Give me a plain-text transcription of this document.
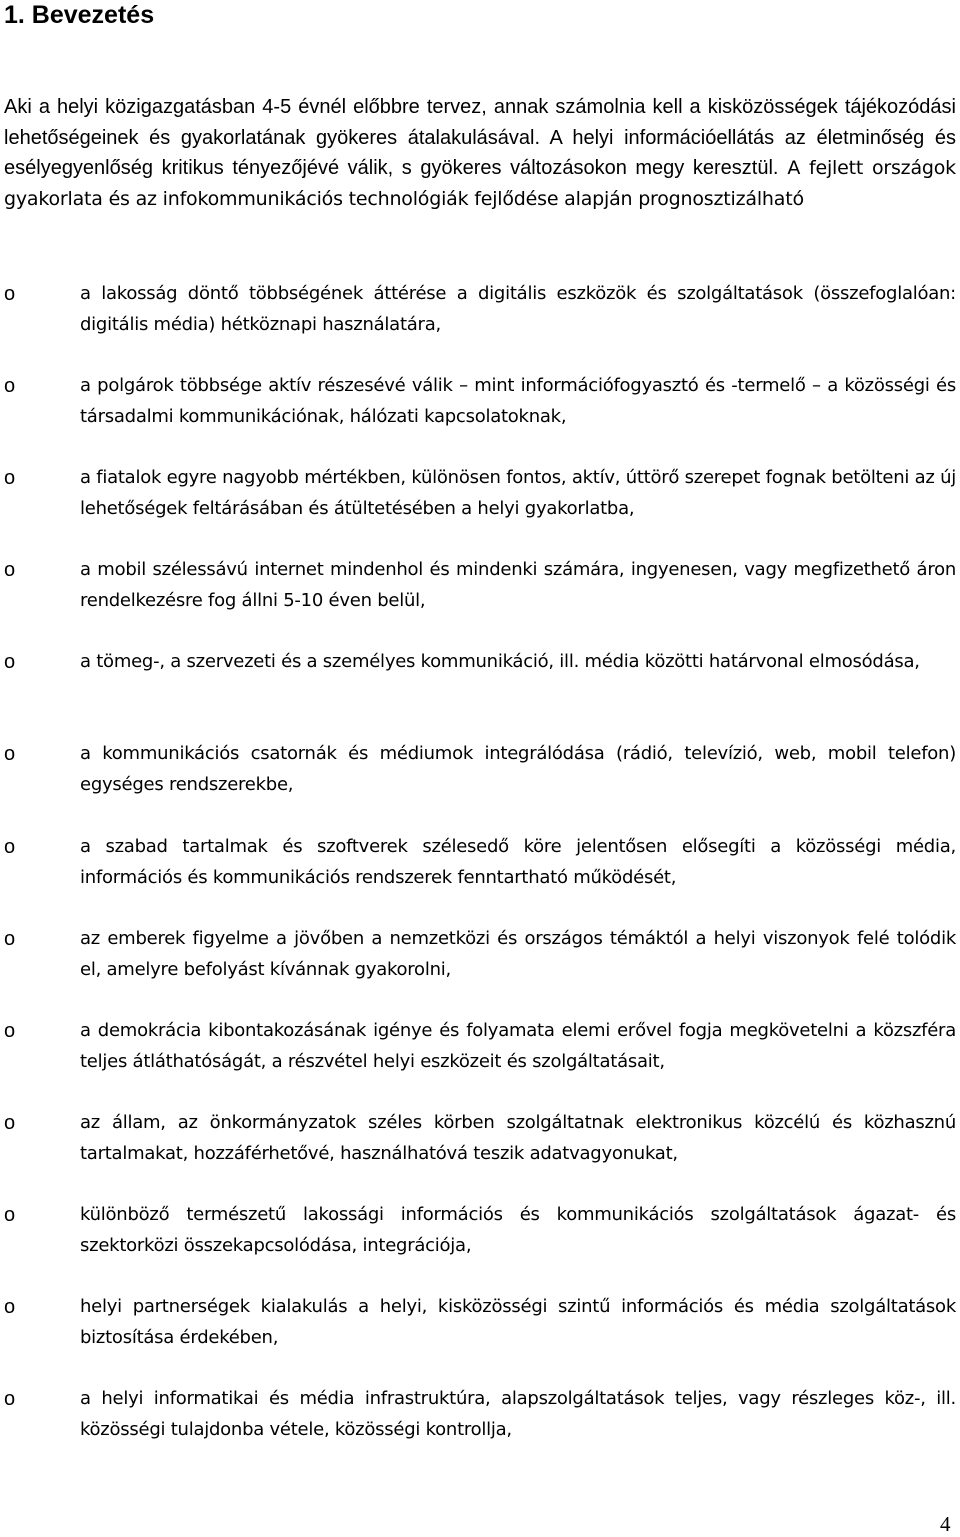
1. Bevezetés

Aki a helyi közigazgatásban 4-5 évnél előbbre tervez, annak számolnia kell a kisközösségek tájékozódási lehetőségeinek és gyakorlatának gyökeres átalakulásával. A helyi információellátás az életminőség és esélyegyenlőség kritikus tényezőjévé válik, s gyökeres változásokon megy keresztül. A fejlett országok gyakorlata és az infokommunikációs technológiák fejlődése alapján prognosztizálható

o	a lakosság döntő többségének áttérése a digitális eszközök és szolgáltatások (összefoglalóan: digitális média) hétköznapi használatára,
o	a polgárok többsége aktív részesévé válik – mint információfogyasztó és -termelő – a közösségi és társadalmi kommunikációnak, hálózati kapcsolatoknak,
o	a fiatalok egyre nagyobb mértékben, különösen fontos, aktív, úttörő szerepet fognak betölteni az új lehetőségek feltárásában és átültetésében a helyi gyakorlatba,
o	a mobil szélessávú internet mindenhol és mindenki számára, ingyenesen, vagy megfizethető áron rendelkezésre fog állni 5-10 éven belül,
o	a tömeg-, a szervezeti és a személyes kommunikáció, ill. média közötti határvonal elmosódása,
o	a kommunikációs csatornák és médiumok integrálódása (rádió, televízió, web, mobil telefon) egységes rendszerekbe,
o	a szabad tartalmak és szoftverek szélesedő köre jelentősen elősegíti a közösségi média, információs és kommunikációs rendszerek fenntartható működését,
o	az emberek figyelme a jövőben a nemzetközi és országos témáktól a helyi viszonyok felé tolódik el, amelyre befolyást kívánnak gyakorolni,
o	a demokrácia kibontakozásának igénye és folyamata elemi erővel fogja megkövetelni a közszféra teljes átláthatóságát, a részvétel helyi eszközeit és szolgáltatásait,
o	az állam, az önkormányzatok széles körben szolgáltatnak elektronikus közcélú és közhasznú tartalmakat, hozzáférhetővé, használhatóvá teszik adatvagyonukat,
o	különböző természetű lakossági információs és kommunikációs szolgáltatások ágazat- és szektorközi összekapcsolódása, integrációja,
o	helyi partnerségek kialakulás a helyi, kisközösségi szintű információs és média szolgáltatások biztosítása érdekében,
o	a helyi informatikai és média infrastruktúra, alapszolgáltatások teljes, vagy részleges köz-, ill. közösségi tulajdonba vétele, közösségi kontrollja,
4
